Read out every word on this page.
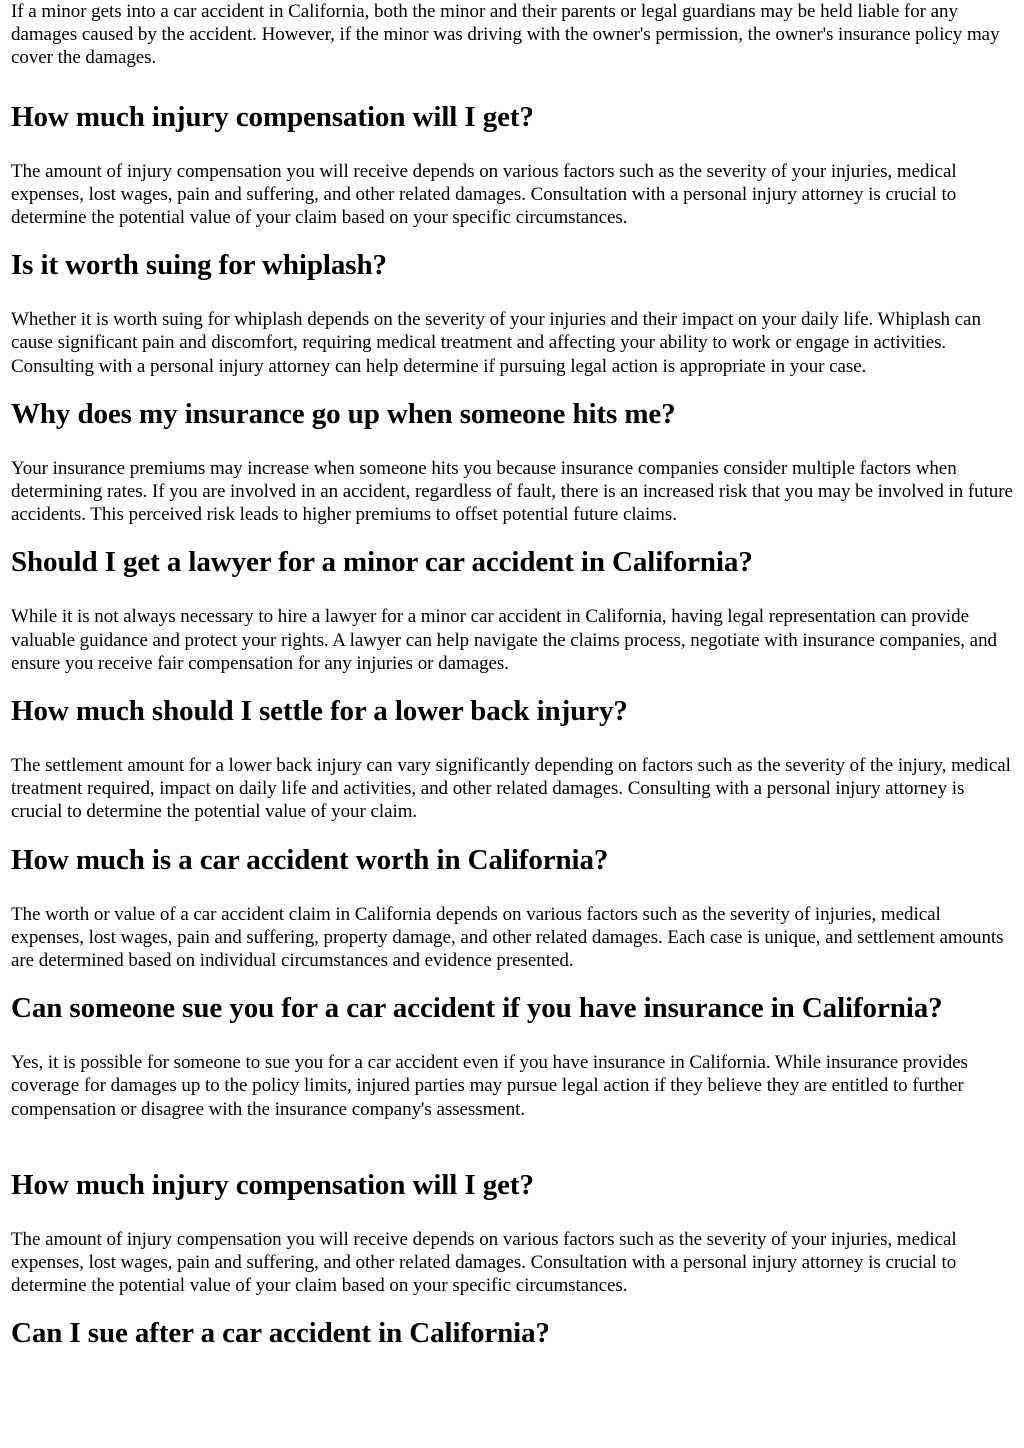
If a minor gets into a car accident in California, both the minor and their parents or legal guardians may be held liable for any damages caused by the accident. However, if the minor was driving with the owner's permission, the owner's insurance policy may cover the damages.

How much injury compensation will I get?

The amount of injury compensation you will receive depends on various factors such as the severity of your injuries, medical expenses, lost wages, pain and suffering, and other related damages. Consultation with a personal injury attorney is crucial to determine the potential value of your claim based on your specific circumstances.

Is it worth suing for whiplash?

Whether it is worth suing for whiplash depends on the severity of your injuries and their impact on your daily life. Whiplash can cause significant pain and discomfort, requiring medical treatment and affecting your ability to work or engage in activities. Consulting with a personal injury attorney can help determine if pursuing legal action is appropriate in your case.

Why does my insurance go up when someone hits me?

Your insurance premiums may increase when someone hits you because insurance companies consider multiple factors when determining rates. If you are involved in an accident, regardless of fault, there is an increased risk that you may be involved in future accidents. This perceived risk leads to higher premiums to offset potential future claims.

Should I get a lawyer for a minor car accident in California?

While it is not always necessary to hire a lawyer for a minor car accident in California, having legal representation can provide valuable guidance and protect your rights. A lawyer can help navigate the claims process, negotiate with insurance companies, and ensure you receive fair compensation for any injuries or damages.

How much should I settle for a lower back injury?

The settlement amount for a lower back injury can vary significantly depending on factors such as the severity of the injury, medical treatment required, impact on daily life and activities, and other related damages. Consulting with a personal injury attorney is crucial to determine the potential value of your claim.

How much is a car accident worth in California?

The worth or value of a car accident claim in California depends on various factors such as the severity of injuries, medical expenses, lost wages, pain and suffering, property damage, and other related damages. Each case is unique, and settlement amounts are determined based on individual circumstances and evidence presented.

Can someone sue you for a car accident if you have insurance in California?

Yes, it is possible for someone to sue you for a car accident even if you have insurance in California. While insurance provides coverage for damages up to the policy limits, injured parties may pursue legal action if they believe they are entitled to further compensation or disagree with the insurance company's assessment.

How much injury compensation will I get?

The amount of injury compensation you will receive depends on various factors such as the severity of your injuries, medical expenses, lost wages, pain and suffering, and other related damages. Consultation with a personal injury attorney is crucial to determine the potential value of your claim based on your specific circumstances.

Can I sue after a car accident in California?
